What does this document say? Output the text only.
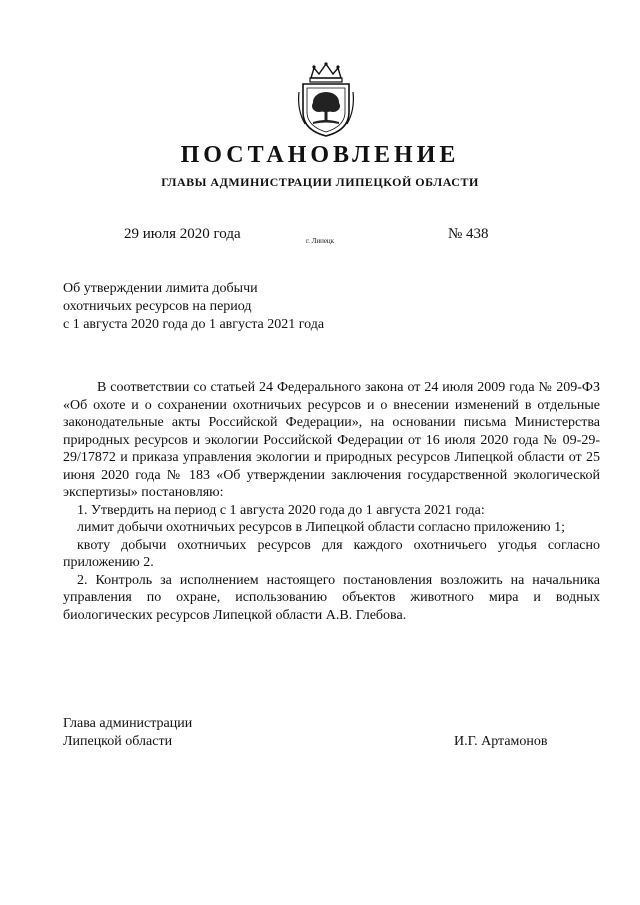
ПОСТАНОВЛЕНИЕ
ГЛАВЫ АДМИНИСТРАЦИИ ЛИПЕЦКОЙ ОБЛАСТИ
29 июля 2020 года	г. Липецк	№ 438
Об утверждении лимита добычи
охотничьих ресурсов на период
с 1 августа 2020 года до 1 августа 2021 года

В соответствии со статьей 24 Федерального закона от 24 июля 2009 года № 209-ФЗ «Об охоте и о сохранении охотничьих ресурсов и о внесении изменений в отдельные законодательные акты Российской Федерации», на основании письма Министерства природных ресурсов и экологии Российской Федерации от 16 июля 2020 года № 09-29-29/17872 и приказа управления экологии и природных ресурсов Липецкой области от 25 июня 2020 года № 183 «Об утверждении заключения государственной экологической экспертизы» постановляю:

1. Утвердить на период с 1 августа 2020 года до 1 августа 2021 года:

лимит добычи охотничьих ресурсов в Липецкой области согласно приложению 1;

квоту добычи охотничьих ресурсов для каждого охотничьего угодья согласно приложению 2.

2. Контроль за исполнением настоящего постановления возложить на начальника управления по охране, использованию объектов животного мира и водных биологических ресурсов Липецкой области А.В. Глебова.

Глава администрации
Липецкой области	И.Г. Артамонов
